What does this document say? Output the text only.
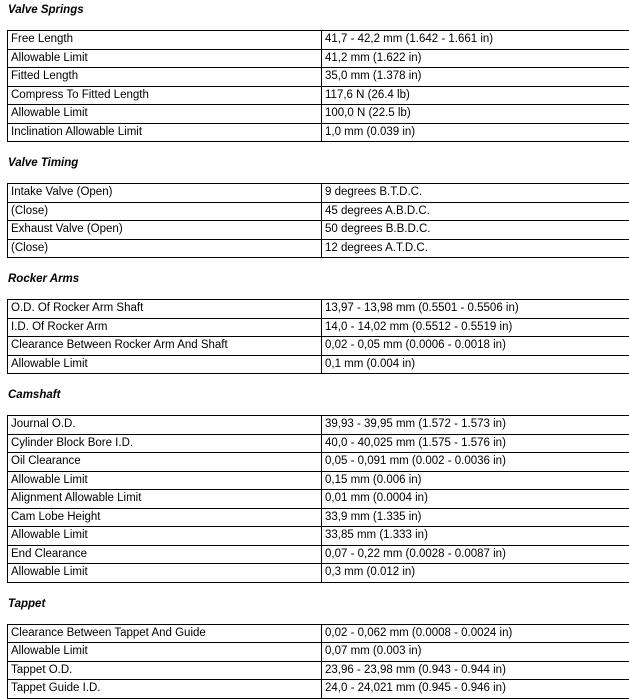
Valve Springs
Free Length	41,7 - 42,2 mm (1.642 - 1.661 in)
Allowable Limit	41,2 mm (1.622 in)
Fitted Length	35,0 mm (1.378 in)
Compress To Fitted Length	117,6 N (26.4 lb)
Allowable Limit	100,0 N (22.5 lb)
Inclination Allowable Limit	1,0 mm (0.039 in)
Valve Timing
Intake Valve (Open)	9 degrees B.T.D.C.
(Close)	45 degrees A.B.D.C.
Exhaust Valve (Open)	50 degrees B.B.D.C.
(Close)	12 degrees A.T.D.C.
Rocker Arms
O.D. Of Rocker Arm Shaft	13,97 - 13,98 mm (0.5501 - 0.5506 in)
I.D. Of Rocker Arm	14,0 - 14,02 mm (0.5512 - 0.5519 in)
Clearance Between Rocker Arm And Shaft	0,02 - 0,05 mm (0.0006 - 0.0018 in)
Allowable Limit	0,1 mm (0.004 in)
Camshaft
Journal O.D.	39,93 - 39,95 mm (1.572 - 1.573 in)
Cylinder Block Bore I.D.	40,0 - 40,025 mm (1.575 - 1.576 in)
Oil Clearance	0,05 - 0,091 mm (0.002 - 0.0036 in)
Allowable Limit	0,15 mm (0.006 in)
Alignment Allowable Limit	0,01 mm (0.0004 in)
Cam Lobe Height	33,9 mm (1.335 in)
Allowable Limit	33,85 mm (1.333 in)
End Clearance	0,07 - 0,22 mm (0.0028 - 0.0087 in)
Allowable Limit	0,3 mm (0.012 in)
Tappet
Clearance Between Tappet And Guide	0,02 - 0,062 mm (0.0008 - 0.0024 in)
Allowable Limit	0,07 mm (0.003 in)
Tappet O.D.	23,96 - 23,98 mm (0.943 - 0.944 in)
Tappet Guide I.D.	24,0 - 24,021 mm (0.945 - 0.946 in)
